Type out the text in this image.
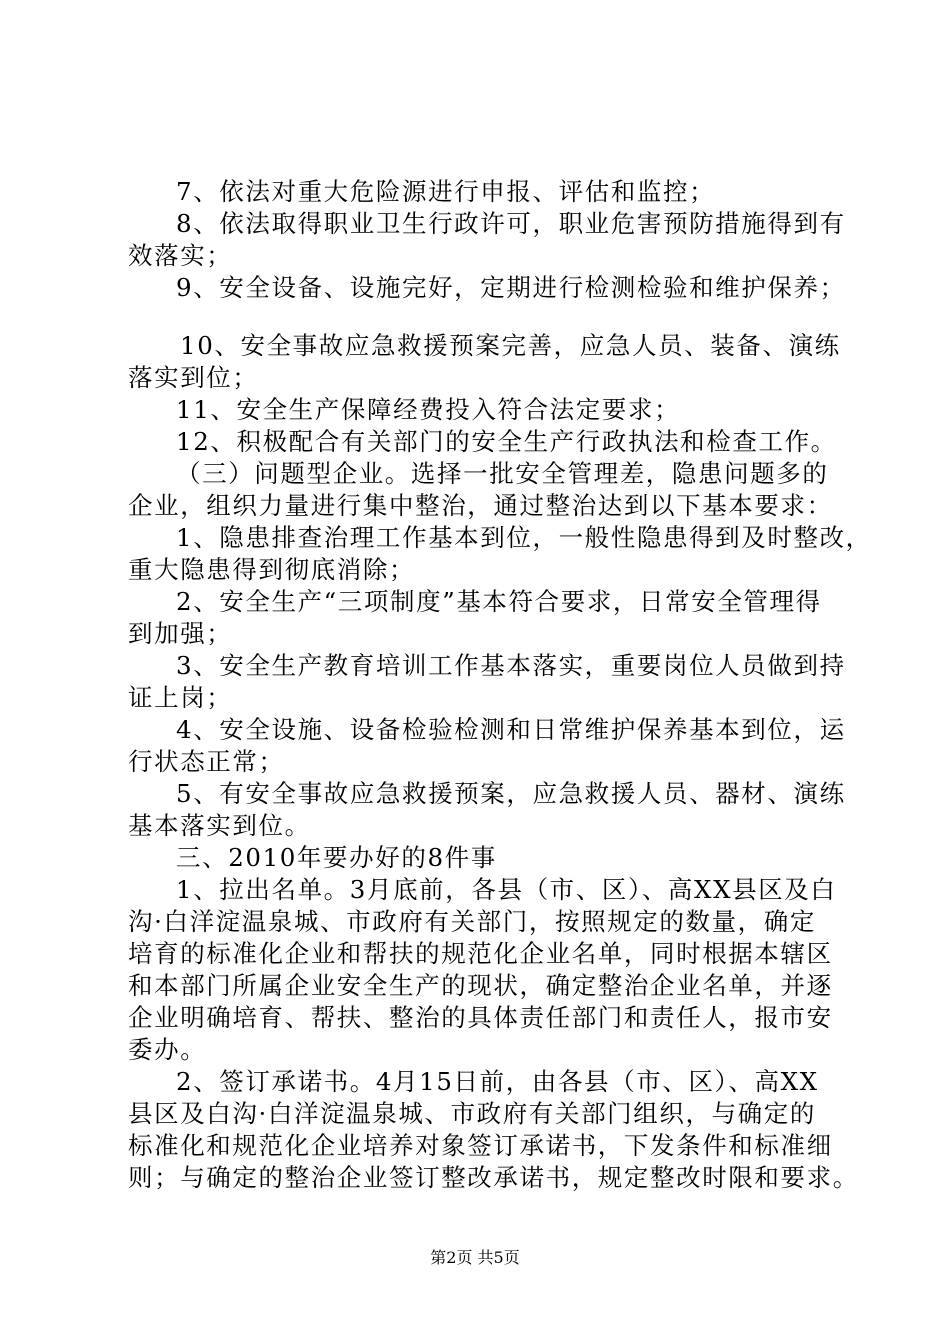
7、依法对重大危险源进行申报、评估和监控；
8、依法取得职业卫生行政许可，职业危害预防措施得到有
效落实；
9、安全设备、设施完好，定期进行检测检验和维护保养；
10、安全事故应急救援预案完善，应急人员、装备、演练
落实到位；
11、安全生产保障经费投入符合法定要求；
12、积极配合有关部门的安全生产行政执法和检查工作。
（三）问题型企业。选择一批安全管理差，隐患问题多的
企业，组织力量进行集中整治，通过整治达到以下基本要求：
1、隐患排查治理工作基本到位，一般性隐患得到及时整改，
重大隐患得到彻底消除；
2、安全生产“三项制度”基本符合要求，日常安全管理得
到加强；
3、安全生产教育培训工作基本落实，重要岗位人员做到持
证上岗；
4、安全设施、设备检验检测和日常维护保养基本到位，运
行状态正常；
5、有安全事故应急救援预案，应急救援人员、器材、演练
基本落实到位。
三、2010年要办好的8件事
1、拉出名单。3月底前，各县（市、区）、高XX县区及白
沟·白洋淀温泉城、市政府有关部门，按照规定的数量，确定
培育的标准化企业和帮扶的规范化企业名单，同时根据本辖区
和本部门所属企业安全生产的现状，确定整治企业名单，并逐
企业明确培育、帮扶、整治的具体责任部门和责任人，报市安
委办。
2、签订承诺书。4月15日前，由各县（市、区）、高XX
县区及白沟·白洋淀温泉城、市政府有关部门组织，与确定的
标准化和规范化企业培养对象签订承诺书，下发条件和标准细
则；与确定的整治企业签订整改承诺书，规定整改时限和要求。
第2页 共5页
